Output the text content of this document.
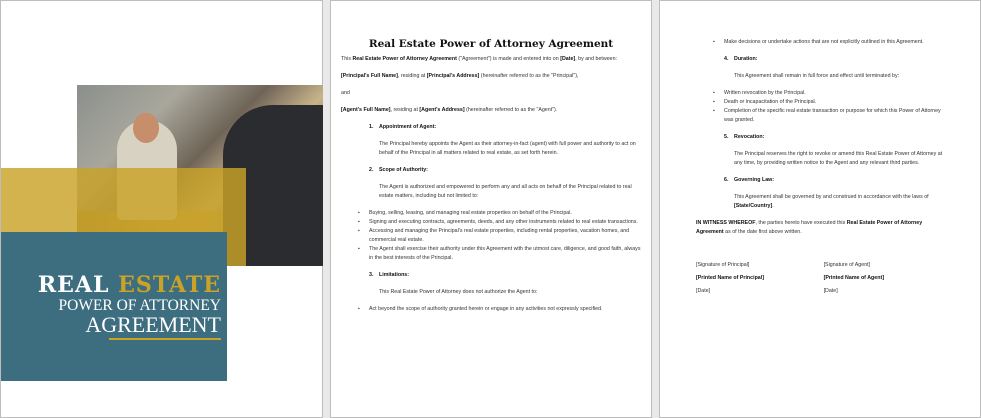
REAL ESTATE
POWER OF ATTORNEY
AGREEMENT
Real Estate Power of Attorney Agreement
This Real Estate Power of Attorney Agreement ("Agreement") is made and entered into on [Date], by and between:
[Principal's Full Name], residing at [Principal's Address] (hereinafter referred to as the "Principal"),
and
[Agent's Full Name], residing at [Agent's Address] (hereinafter referred to as the "Agent").
1. Appointment of Agent:
The Principal hereby appoints the Agent as their attorney-in-fact (agent) with full power and authority to act on behalf of the Principal in all matters related to real estate, as set forth herein.
2. Scope of Authority:
The Agent is authorized and empowered to perform any and all acts on behalf of the Principal related to real estate matters, including but not limited to:
▪ Buying, selling, leasing, and managing real estate properties on behalf of the Principal.
▪ Signing and executing contracts, agreements, deeds, and any other instruments related to real estate transactions.
▪ Accessing and managing the Principal's real estate properties, including rental properties, vacation homes, and commercial real estate.
▪ The Agent shall exercise their authority under this Agreement with the utmost care, diligence, and good faith, always in the best interests of the Principal.
3. Limitations:
This Real Estate Power of Attorney does not authorize the Agent to:
▪ Act beyond the scope of authority granted herein or engage in any activities not expressly specified.
▪ Make decisions or undertake actions that are not explicitly outlined in this Agreement.
4. Duration:
This Agreement shall remain in full force and effect until terminated by:
▪ Written revocation by the Principal.
▪ Death or incapacitation of the Principal.
▪ Completion of the specific real estate transaction or purpose for which this Power of Attorney was granted.
5. Revocation:
The Principal reserves the right to revoke or amend this Real Estate Power of Attorney at any time, by providing written notice to the Agent and any relevant third parties.
6. Governing Law:
This Agreement shall be governed by and construed in accordance with the laws of [State/Country].
IN WITNESS WHEREOF, the parties hereto have executed this Real Estate Power of Attorney Agreement as of the date first above written.
[Signature of Principal]
[Printed Name of Principal]
[Date]
[Signature of Agent]
[Printed Name of Agent]
[Date]
